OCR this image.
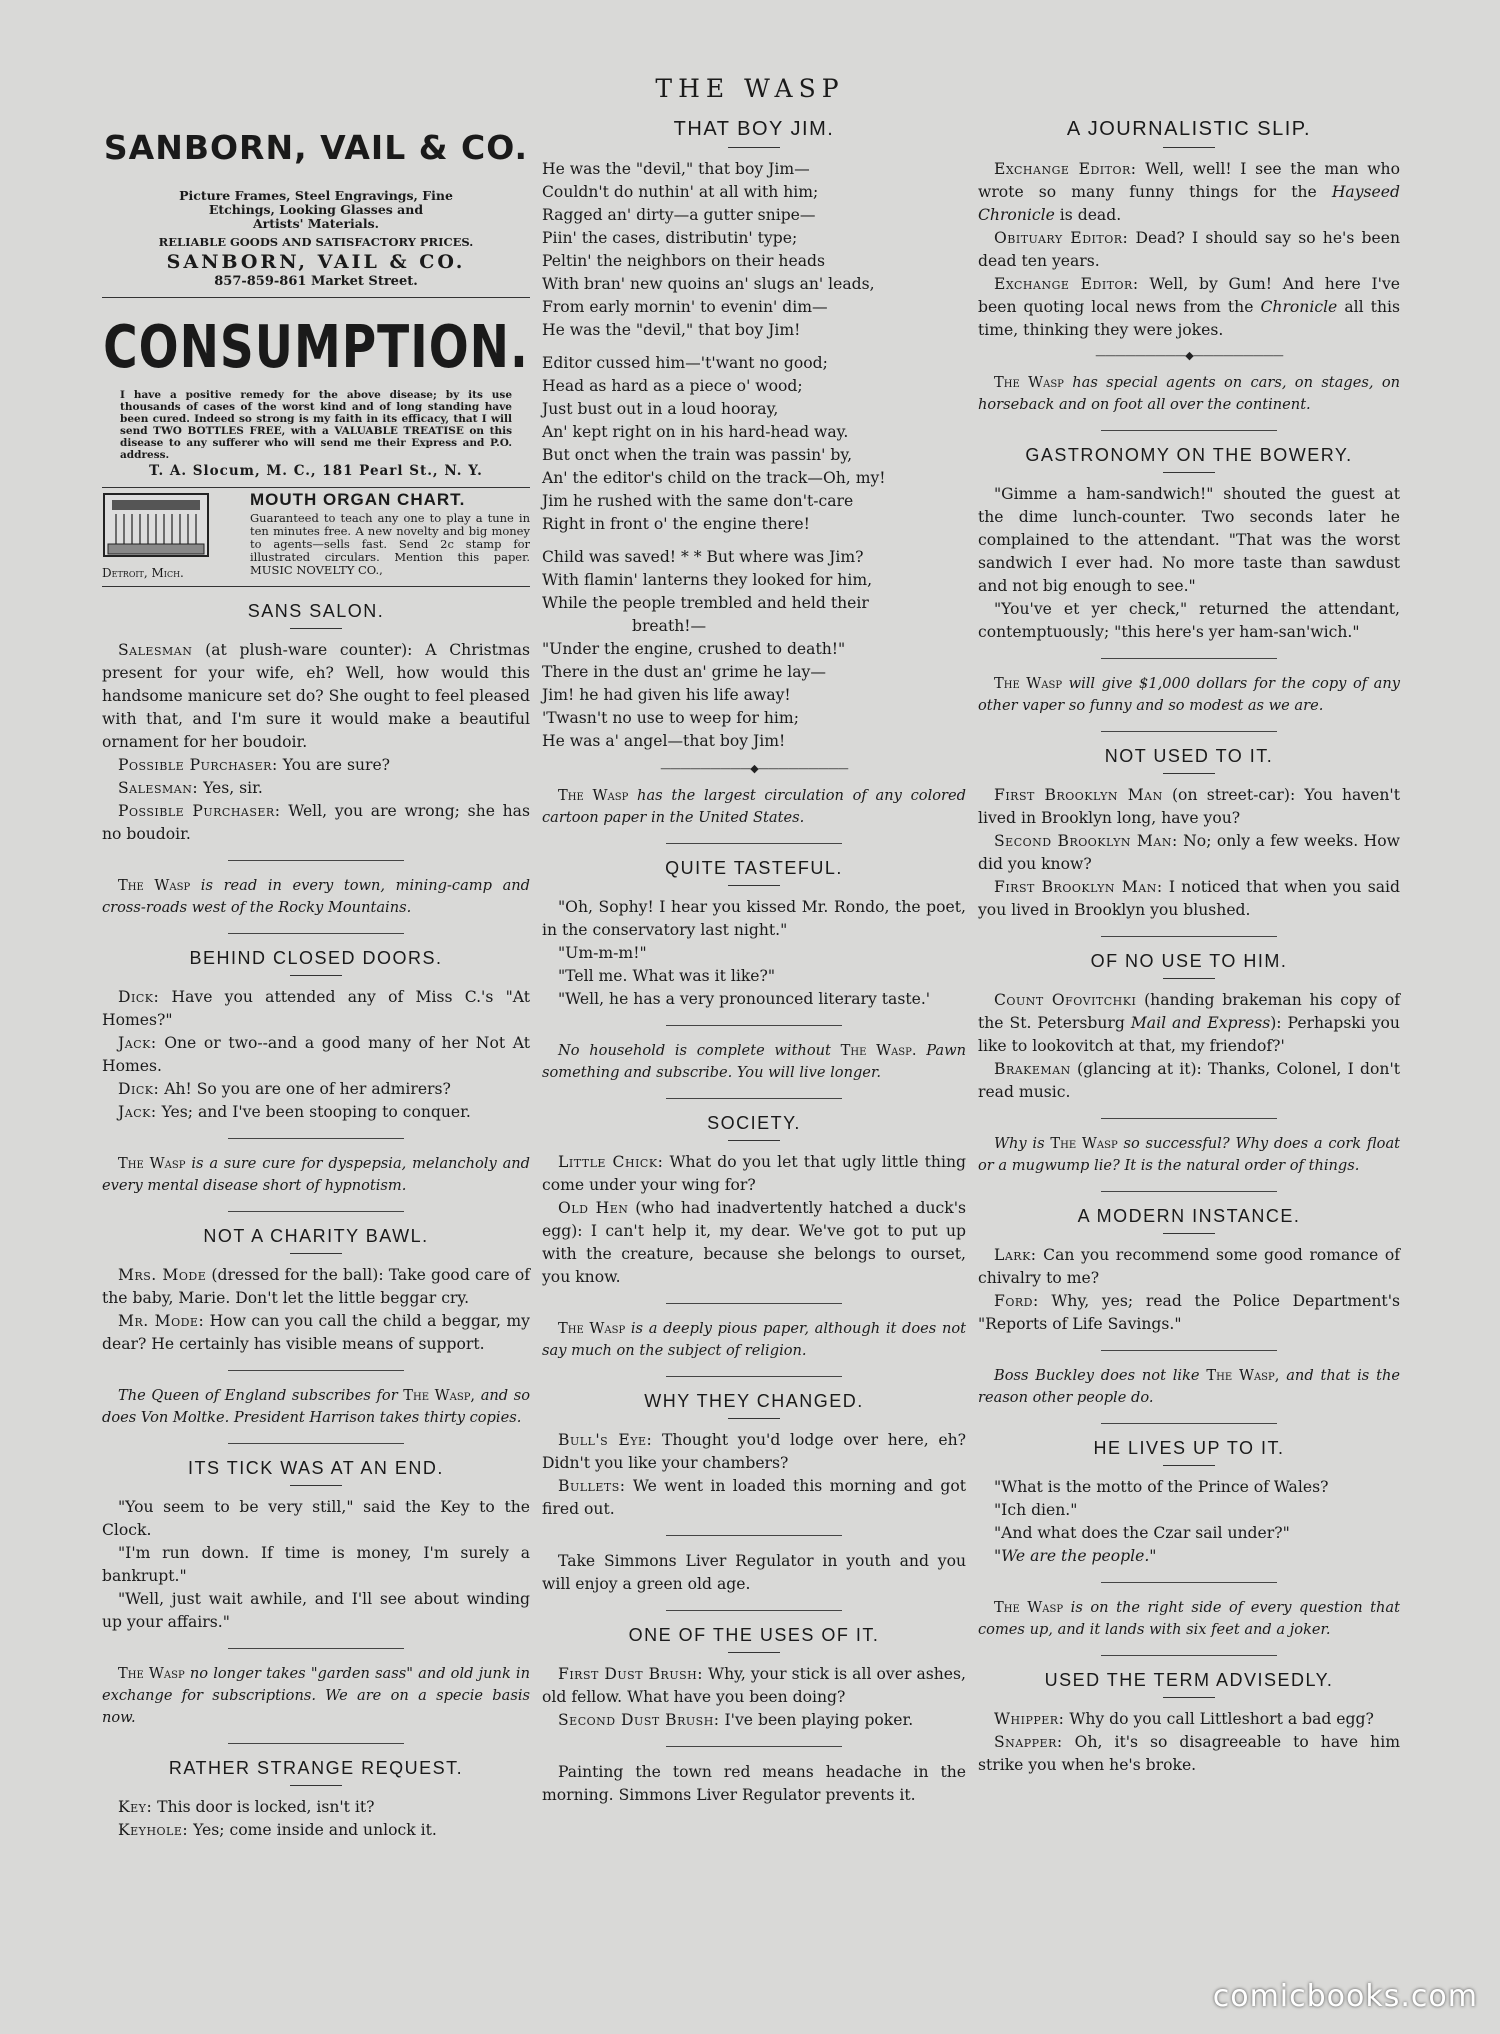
THE WASP
SANBORN, VAIL & CO.
Picture Frames, Steel Engravings, Fine
Etchings, Looking Glasses and
Artists' Materials.
RELIABLE GOODS AND SATISFACTORY PRICES.
SANBORN, VAIL & CO.
857-859-861 Market Street.
CONSUMPTION.

I have a positive remedy for the above disease; by its use thousands of cases of the worst kind and of long standing have been cured. Indeed so strong is my faith in its efficacy, that I will send TWO BOTTLES FREE, with a VALUABLE TREATISE on this disease to any sufferer who will send me their Express and P.O. address.

T. A. Slocum, M. C., 181 Pearl St., N. Y.
Detroit, Mich.
MOUTH ORGAN CHART.
Guaranteed to teach any one to play a tune in ten minutes free. A new novelty and big money to agents—sells fast. Send 2c stamp for illustrated circulars. Mention this paper. MUSIC NOVELTY CO.,
SANS SALON.

Salesman (at plush-ware counter): A Christmas present for your wife, eh? Well, how would this handsome manicure set do? She ought to feel pleased with that, and I'm sure it would make a beautiful ornament for her boudoir.

Possible Purchaser: You are sure?

Salesman: Yes, sir.

Possible Purchaser: Well, you are wrong; she has no boudoir.

The Wasp is read in every town, mining-camp and cross-roads west of the Rocky Mountains.

BEHIND CLOSED DOORS.

Dick: Have you attended any of Miss C.'s "At Homes?"

Jack: One or two--and a good many of her Not At Homes.

Dick: Ah! So you are one of her admirers?

Jack: Yes; and I've been stooping to conquer.

The Wasp is a sure cure for dyspepsia, melancholy and every mental disease short of hypnotism.

NOT A CHARITY BAWL.

Mrs. Mode (dressed for the ball): Take good care of the baby, Marie. Don't let the little beggar cry.

Mr. Mode: How can you call the child a beggar, my dear? He certainly has visible means of support.

The Queen of England subscribes for The Wasp, and so does Von Moltke. President Harrison takes thirty copies.

ITS TICK WAS AT AN END.

"You seem to be very still," said the Key to the Clock.

"I'm run down. If time is money, I'm surely a bankrupt."

"Well, just wait awhile, and I'll see about winding up your affairs."

The Wasp no longer takes "garden sass" and old junk in exchange for subscriptions. We are on a specie basis now.

RATHER STRANGE REQUEST.

Key: This door is locked, isn't it?

Keyhole: Yes; come inside and unlock it.

THAT BOY JIM.

He was the "devil," that boy Jim—

Couldn't do nuthin' at all with him;

Ragged an' dirty—a gutter snipe—

Piin' the cases, distributin' type;

Peltin' the neighbors on their heads

With bran' new quoins an' slugs an' leads,

From early mornin' to evenin' dim—

He was the "devil," that boy Jim!

Editor cussed him—'t'want no good;

Head as hard as a piece o' wood;

Just bust out in a loud hooray,

An' kept right on in his hard-head way.

But onct when the train was passin' by,

An' the editor's child on the track—Oh, my!

Jim he rushed with the same don't-care

Right in front o' the engine there!

Child was saved! * * But where was Jim?

With flamin' lanterns they looked for him,

While the people trembled and held their

breath!—

"Under the engine, crushed to death!"

There in the dust an' grime he lay—

Jim! he had given his life away!

'Twasn't no use to weep for him;

He was a' angel—that boy Jim!

—————————◆—————————

The Wasp has the largest circulation of any colored cartoon paper in the United States.

QUITE TASTEFUL.

"Oh, Sophy! I hear you kissed Mr. Rondo, the poet, in the conservatory last night."

"Um-m-m!"

"Tell me. What was it like?"

"Well, he has a very pronounced literary taste.'

No household is complete without The Wasp. Pawn something and subscribe. You will live longer.

SOCIETY.

Little Chick: What do you let that ugly little thing come under your wing for?

Old Hen (who had inadvertently hatched a duck's egg): I can't help it, my dear. We've got to put up with the creature, because she belongs to ourset, you know.

The Wasp is a deeply pious paper, although it does not say much on the subject of religion.

WHY THEY CHANGED.

Bull's Eye: Thought you'd lodge over here, eh? Didn't you like your chambers?

Bullets: We went in loaded this morning and got fired out.

Take Simmons Liver Regulator in youth and you will enjoy a green old age.

ONE OF THE USES OF IT.

First Dust Brush: Why, your stick is all over ashes, old fellow. What have you been doing?

Second Dust Brush: I've been playing poker.

Painting the town red means headache in the morning. Simmons Liver Regulator prevents it.

A JOURNALISTIC SLIP.

Exchange Editor: Well, well! I see the man who wrote so many funny things for the Hayseed Chronicle is dead.

Obituary Editor: Dead? I should say so he's been dead ten years.

Exchange Editor: Well, by Gum! And here I've been quoting local news from the Chronicle all this time, thinking they were jokes.

—————————◆—————————

The Wasp has special agents on cars, on stages, on horseback and on foot all over the continent.

GASTRONOMY ON THE BOWERY.

"Gimme a ham-sandwich!" shouted the guest at the dime lunch-counter. Two seconds later he complained to the attendant. "That was the worst sandwich I ever had. No more taste than sawdust and not big enough to see."

"You've et yer check," returned the attendant, contemptuously; "this here's yer ham-san'wich."

The Wasp will give $1,000 dollars for the copy of any other vaper so funny and so modest as we are.

NOT USED TO IT.

First Brooklyn Man (on street-car): You haven't lived in Brooklyn long, have you?

Second Brooklyn Man: No; only a few weeks. How did you know?

First Brooklyn Man: I noticed that when you said you lived in Brooklyn you blushed.

OF NO USE TO HIM.

Count Ofovitchki (handing brakeman his copy of the St. Petersburg Mail and Express): Perhapski you like to lookovitch at that, my friendof?'

Brakeman (glancing at it): Thanks, Colonel, I don't read music.

Why is The Wasp so successful? Why does a cork float or a mugwump lie? It is the natural order of things.

A MODERN INSTANCE.

Lark: Can you recommend some good romance of chivalry to me?

Ford: Why, yes; read the Police Department's "Reports of Life Savings."

Boss Buckley does not like The Wasp, and that is the reason other people do.

HE LIVES UP TO IT.

"What is the motto of the Prince of Wales?

"Ich dien."

"And what does the Czar sail under?"

"We are the people."

The Wasp is on the right side of every question that comes up, and it lands with six feet and a joker.

USED THE TERM ADVISEDLY.

Whipper: Why do you call Littleshort a bad egg?

Snapper: Oh, it's so disagreeable to have him strike you when he's broke.

comicbooks.com
